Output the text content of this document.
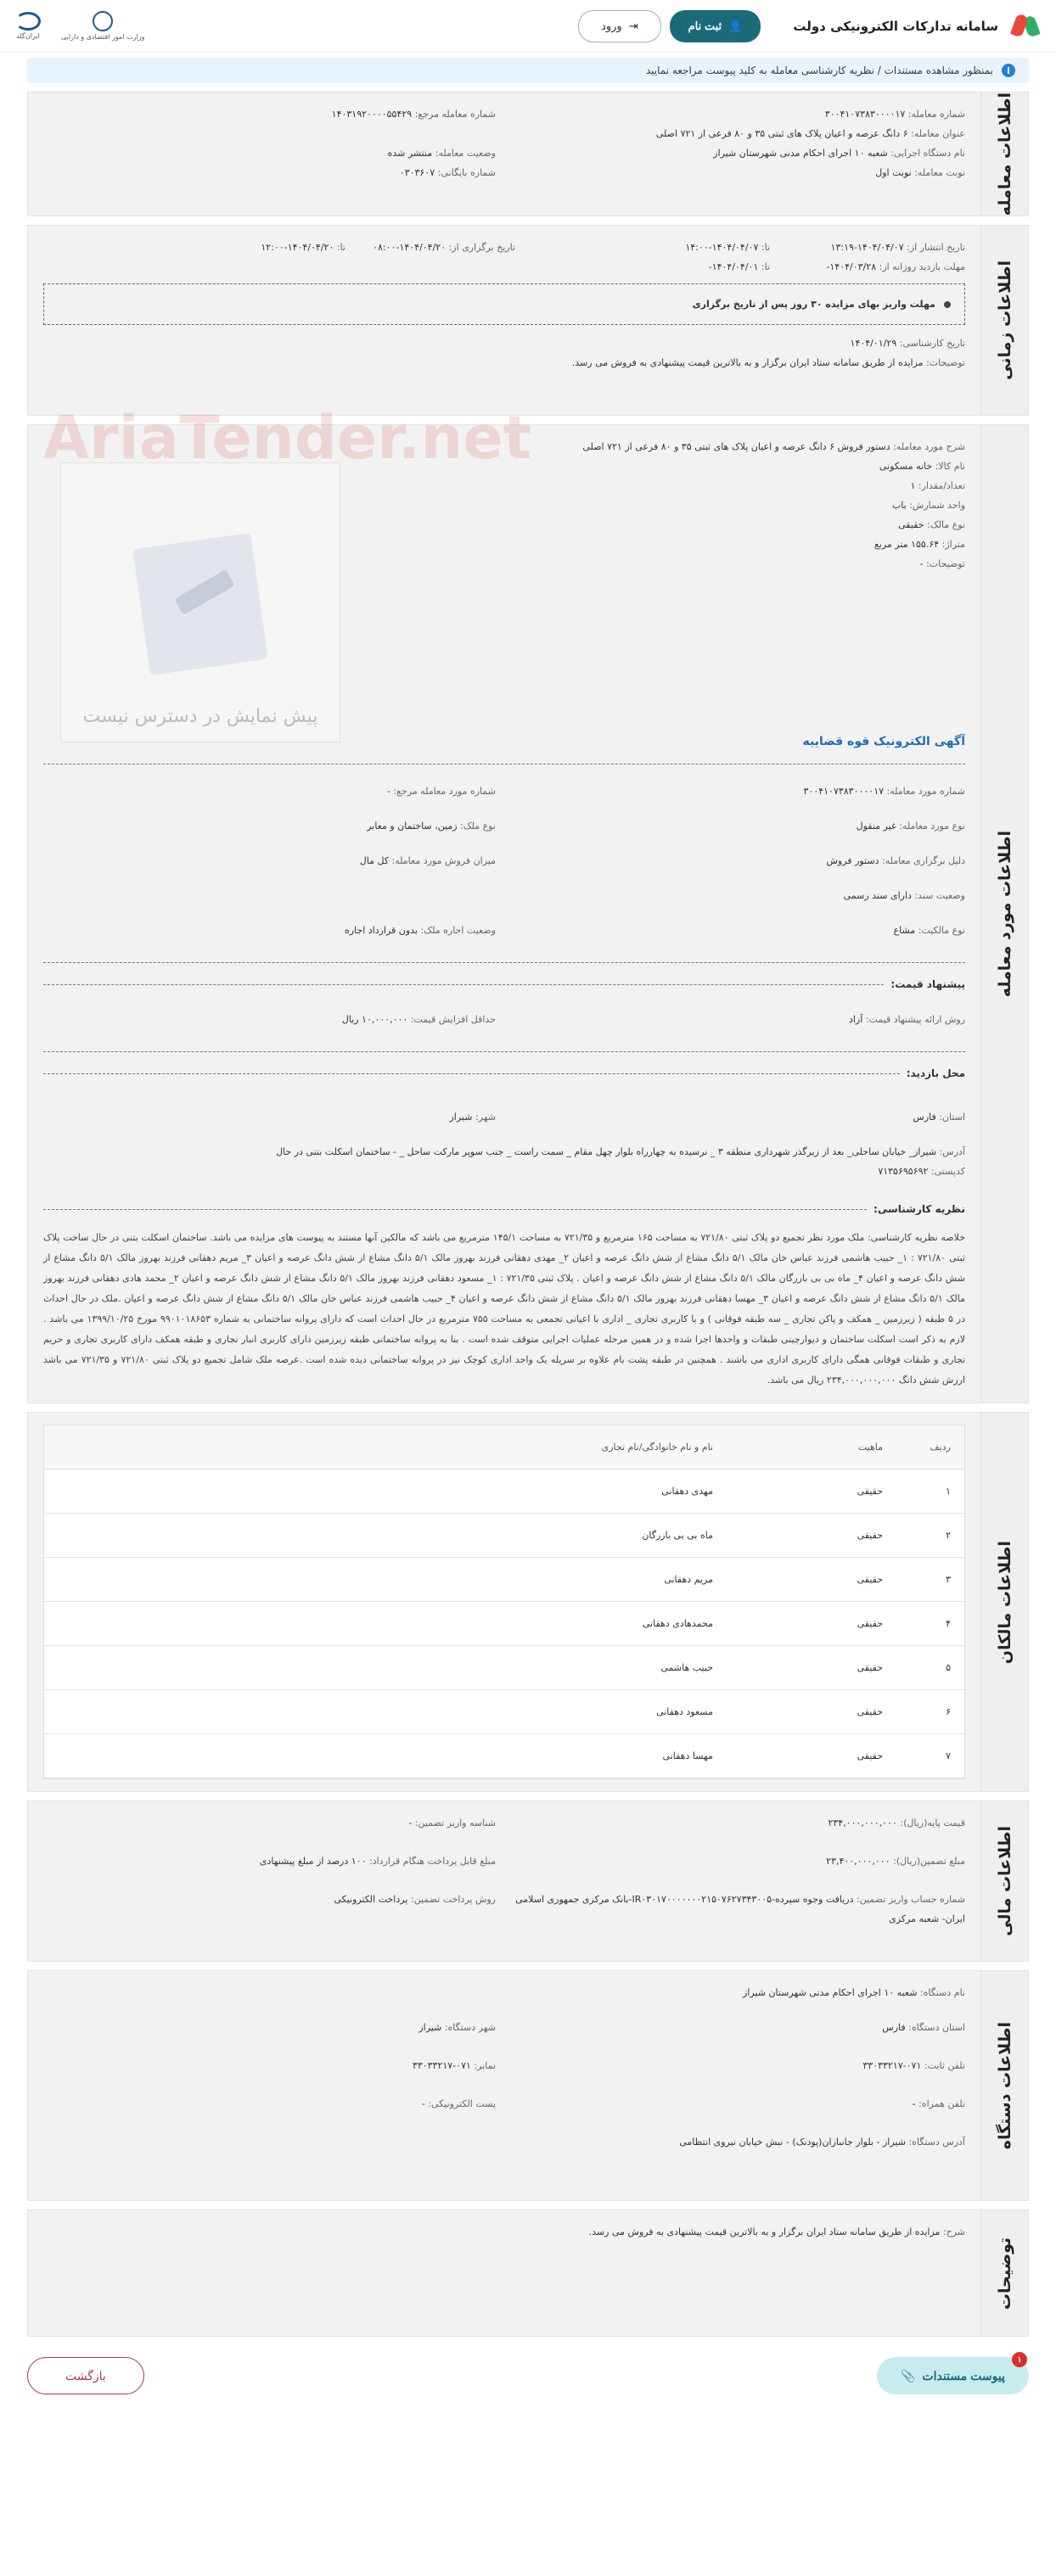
سامانه تدارکات الکترونیکی دولت
👤
ثبت نام
⇥
ورود
وزارت امور اقتصادی و دارایی
ایران‌گلد
i
بمنظور مشاهده مستندات / نظریه کارشناسی معامله به کلید پیوست مراجعه نمایید
اطلاعات معامله
شماره معامله: ۳۰۰۴۱۰۷۳۸۳۰۰۰۰۱۷
شماره معامله مرجع: ۱۴۰۳۱۹۲۰۰۰۰۵۵۴۲۹
عنوان معامله: ۶ دانگ عرصه و اعیان پلاک های ثبتی ۳۵ و ۸۰ فرعی از ۷۲۱ اصلی
نام دستگاه اجرایی: شعبه ۱۰ اجرای احکام مدنی شهرستان شیراز
وضعیت معامله: منتشر شده
نوبت معامله: نوبت اول
شماره بایگانی: ۰۳۰۳۶۰۷
اطلاعات زمانی
تاریخ انتشار از: ۱۴۰۴/۰۴/۰۷-۱۳:۱۹
تا: ۱۴۰۴/۰۴/۰۷-۱۴:۰۰
تاریخ برگزاری از: ۱۴۰۴/۰۴/۲۰-۰۸:۰۰
تا: ۱۴۰۴/۰۴/۲۰-۱۲:۰۰
مهلت بازدید روزانه از: ۱۴۰۴/۰۳/۲۸-
تا: ۱۴۰۴/۰۴/۰۱-
مهلت واریز بهای مزایده ۳۰ روز پس از تاریخ برگزاری
تاریخ کارشناسی: ۱۴۰۴/۰۱/۲۹
توضیحات: مزایده از طریق سامانه ستاد ایران برگزار و به بالاترین قیمت پیشنهادی به فروش می رسد.
اطلاعات مورد معامله
AriaTender.net	شرح مورد معامله: دستور فروش ۶ دانگ عرصه و اعیان پلاک های ثبتی ۳۵ و ۸۰ فرعی از ۷۲۱ اصلی
نام کالا: خانه مسکونی
تعداد/مقدار: ۱
واحد شمارش: باب
نوع مالک: حقیقی
متراژ: ۱۵۵.۶۴ متر مربع
توضیحات: -
پیش نمایش در دسترس نیست
آگهی الکترونیک قوه قضاییه
شماره مورد معامله: ۳۰۰۴۱۰۷۳۸۳۰۰۰۰۱۷
شماره مورد معامله مرجع: -
نوع مورد معامله: غیر منقول
نوع ملک: زمین، ساختمان و معابر
دلیل برگزاری معامله: دستور فروش
میزان فروش مورد معامله: کل مال
وضعیت سند: دارای سند رسمی
نوع مالکیت: مشاع
وضعیت اجاره ملک: بدون قرارداد اجاره
پیشنهاد قیمت:
روش ارائه پیشنهاد قیمت: آزاد
حداقل افزایش قیمت: ۱۰,۰۰۰,۰۰۰ ریال
محل بازدید:
استان: فارس
شهر: شیراز
آدرس: شیراز_ خیابان ساحلی_ بعد از زیرگذر شهرداری منطقه ۳ _ نرسیده به چهارراه بلوار چهل مقام _ سمت راست _ جنب سوپر مارکت ساحل _ - ساختمان اسکلت بتنی در حال
کدپستی: ۷۱۳۵۶۹۵۶۹۲
نظریه کارشناسی:
خلاصه نظریه کارشناسی: ملک مورد نظر تجمیع دو پلاک ثبتی ۷۲۱/۸۰ به مساحت ۱۶۵ مترمربع و ۷۲۱/۳۵ به مساحت ۱۴۵/۱ مترمربع می باشد که مالکین آنها مستند به پیوست های مزایده می باشد. ساختمان اسکلت بتنی در حال ساخت پلاک ثبتی ۷۲۱/۸۰ : ۱_ حبیب هاشمی فرزند عباس خان مالک ۵/۱ دانگ مشاع از شش دانگ عرصه و اعیان ۲_ مهدی دهقانی فرزند بهروز مالک ۵/۱ دانگ مشاع از شش دانگ عرصه و اعیان ۳_ مریم دهقانی فرزند بهروز مالک ۵/۱ دانگ مشاع از شش دانگ عرصه و اعیان ۴_ ماه بی بی بازرگان مالک ۵/۱ دانگ مشاع از شش دانگ عرصه و اعیان . پلاک ثبتی ۷۲۱/۳۵ : ۱_ مسعود دهقانی فرزند بهروز مالک ۵/۱ دانگ مشاع از شش دانگ عرصه و اعیان ۲_ محمد هادی دهقانی فرزند بهروز مالک ۵/۱ دانگ مشاع از شش دانگ عرصه و اعیان ۳_ مهسا دهقانی فرزند بهروز مالک ۵/۱ دانگ مشاع از شش دانگ عرصه و اعیان ۴_ حبیب هاشمی فرزند عباس خان مالک ۵/۱ دانگ مشاع از شش دانگ عرصه و اعیان .ملک در حال احداث در ۵ طبقه ( زیرزمین _ همکف و پاکن تجاری _ سه طبقه فوقانی ) و با کاربری تجاری _ اداری با اعیانی تجمعی به مساحت ۷۵۵ مترمربع در حال احداث است که دارای پروانه ساختمانی به شماره ۹۹۰۱۰۱۸۶۵۳ مورخ ۱۳۹۹/۱۰/۲۵ می باشد . لازم به ذکر است اسکلت ساختمان و دیوارچینی طبقات و واحدها اجرا شده و در همین مرحله عملیات اجرایی متوقف شده است . بنا به پروانه ساختمانی طبقه زیرزمین دارای کاربری انبار تجاری و طبقه همکف دارای کاربری تجاری و حریم تجاری و طبقات فوقانی همگی دارای کاربری اداری می باشند . همچنین در طبقه پشت بام علاوه بر سرپله یک واحد اداری کوچک نیز در پروانه ساختمانی دیده شده است .عرصه ملک شامل تجمیع دو پلاک ثبتی ۷۲۱/۸۰ و ۷۲۱/۳۵ می باشد ارزش شش دانگ ۲۳۴,۰۰۰,۰۰۰,۰۰۰ ریال می باشد.
اطلاعات مالکان
ردیف	ماهیت	نام و نام خانوادگی/نام تجاری
۱	حقیقی	مهدی دهقانی
۲	حقیقی	ماه بی بی بازرگان
۳	حقیقی	مریم دهقانی
۴	حقیقی	محمدهادی دهقانی
۵	حقیقی	حبیب هاشمی
۶	حقیقی	مسعود دهقانی
۷	حقیقی	مهسا دهقانی
اطلاعات مالی
قیمت پایه(ریال): ۲۳۴,۰۰۰,۰۰۰,۰۰۰
شناسه واریز تضمین: -
مبلغ تضمین(ریال): ۲۳,۴۰۰,۰۰۰,۰۰۰
مبلغ قابل پرداخت هنگام قرارداد: ۱۰۰ درصد از مبلغ پیشنهادی
شماره حساب واریز تضمین: دریافت وجوه سپرده-IR۰۳۰۱۷۰۰۰۰۰۰۰۲۱۵۰۷۶۲۷۳۴۳۰۰۵-بانک مرکزی جمهوری اسلامی ایران- شعبه مرکزی
روش پرداخت تضمین: پرداخت الکترونیکی
اطلاعات دستگاه
نام دستگاه: شعبه ۱۰ اجرای احکام مدنی شهرستان شیراز
استان دستگاه: فارس
شهر دستگاه: شیراز
تلفن ثابت: ۰۷۱-۳۳۰۳۳۲۱۷
نمابر: ۰۷۱-۳۳۰۳۳۲۱۷
تلفن همراه: -
پست الکترونیکی: -
آدرس دستگاه: شیراز - بلوار جانبازان(پودنک) - نبش خیابان نیروی انتظامی
توضیحات
شرح: مزایده از طریق سامانه ستاد ایران برگزار و به بالاترین قیمت پیشنهادی به فروش می رسد.
۱
پیوست مستندات
📎
بازگشت
